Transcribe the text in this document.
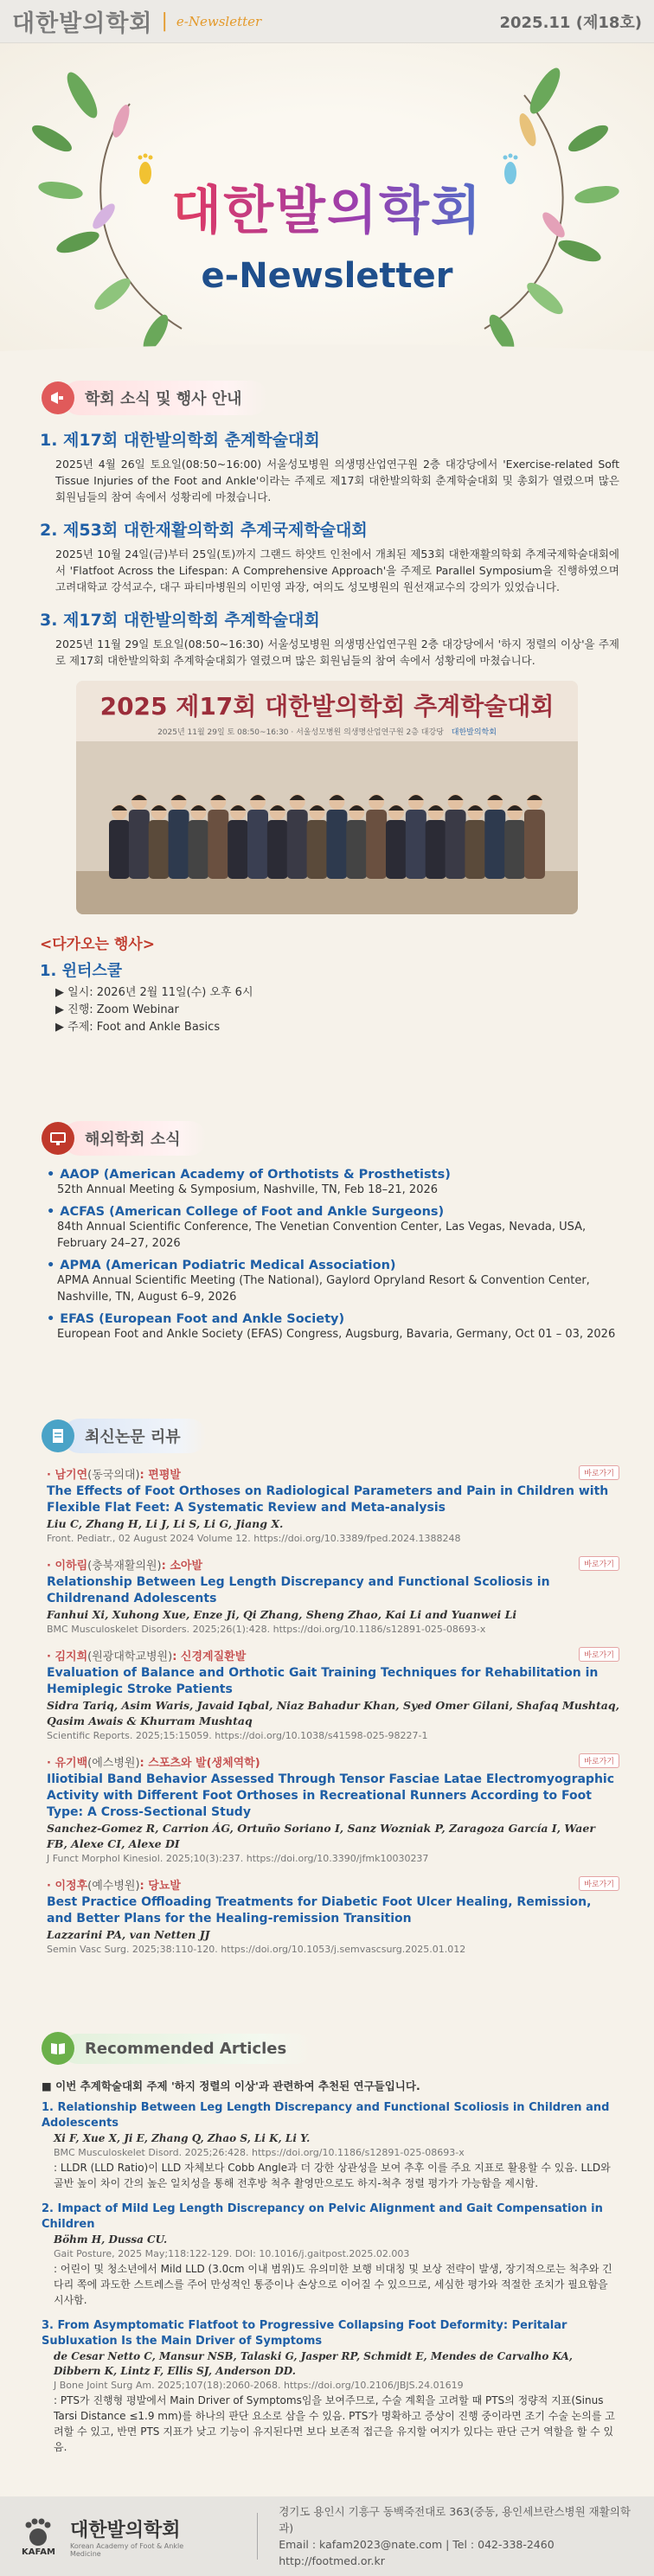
대한발의학회 | e-Newsletter	2025.11 (제18호)
대한발의학회
e-Newsletter
학회 소식 및 행사 안내
1. 제17회 대한발의학회 춘계학술대회

2025년 4월 26일 토요일(08:50~16:00) 서울성모병원 의생명산업연구원 2층 대강당에서 'Exercise-related Soft Tissue Injuries of the Foot and Ankle'이라는 주제로 제17회 대한발의학회 춘계학술대회 및 총회가 열렸으며 많은 회원님들의 참여 속에서 성황리에 마쳤습니다.

2. 제53회 대한재활의학회 추계국제학술대회

2025년 10월 24일(금)부터 25일(토)까지 그랜드 하얏트 인천에서 개최된 제53회 대한재활의학회 추계국제학술대회에서 'Flatfoot Across the Lifespan: A Comprehensive Approach'을 주제로 Parallel Symposium을 진행하였으며 고려대학교 강석교수, 대구 파티마병원의 이민영 과장, 여의도 성모병원의 원선재교수의 강의가 있었습니다.

3. 제17회 대한발의학회 추계학술대회

2025년 11월 29일 토요일(08:50~16:30) 서울성모병원 의생명산업연구원 2층 대강당에서 '하지 정렬의 이상'을 주제로 제17회 대한발의학회 추계학술대회가 열렸으며 많은 회원님들의 참여 속에서 성황리에 마쳤습니다.

2025 제17회 대한발의학회 추계학술대회
2025년 11월 29일 토 08:50~16:30 · 서울성모병원 의생명산업연구원 2층 대강당 대한발의학회
<다가오는 행사>
1. 윈터스쿨
▶ 일시: 2026년 2월 11일(수) 오후 6시
▶ 진행: Zoom Webinar
▶ 주제: Foot and Ankle Basics
해외학회 소식
• AAOP (American Academy of Orthotists & Prosthetists)
52th Annual Meeting & Symposium, Nashville, TN, Feb 18–21, 2026
• ACFAS (American College of Foot and Ankle Surgeons)
84th Annual Scientific Conference, The Venetian Convention Center, Las Vegas, Nevada, USA, February 24–27, 2026
• APMA (American Podiatric Medical Association)
APMA Annual Scientific Meeting (The National), Gaylord Opryland Resort & Convention Center, Nashville, TN, August 6–9, 2026
• EFAS (European Foot and Ankle Society)
European Foot and Ankle Society (EFAS) Congress, Augsburg, Bavaria, Germany, Oct 01 – 03, 2026
최신논문 리뷰
· 남기연(동국의대): 편평발	바로가기
The Effects of Foot Orthoses on Radiological Parameters and Pain in Children with Flexible Flat Feet: A Systematic Review and Meta-analysis
Liu C, Zhang H, Li J, Li S, Li G, Jiang X.
Front. Pediatr., 02 August 2024 Volume 12. https://doi.org/10.3389/fped.2024.1388248
· 이하림(충북재활의원): 소아발	바로가기
Relationship Between Leg Length Discrepancy and Functional Scoliosis in Childrenand Adolescents
Fanhui Xi, Xuhong Xue, Enze Ji, Qi Zhang, Sheng Zhao, Kai Li and Yuanwei Li
BMC Musculoskelet Disorders. 2025;26(1):428. https://doi.org/10.1186/s12891-025-08693-x
· 김지희(원광대학교병원): 신경계질환발	바로가기
Evaluation of Balance and Orthotic Gait Training Techniques for Rehabilitation in Hemiplegic Stroke Patients
Sidra Tariq, Asim Waris, Javaid Iqbal, Niaz Bahadur Khan, Syed Omer Gilani, Shafaq Mushtaq, Qasim Awais & Khurram Mushtaq
Scientific Reports. 2025;15:15059. https://doi.org/10.1038/s41598-025-98227-1
· 유기백(에스병원): 스포츠와 발(생체역학)	바로가기
Iliotibial Band Behavior Assessed Through Tensor Fasciae Latae Electromyographic Activity with Different Foot Orthoses in Recreational Runners According to Foot Type: A Cross-Sectional Study
Sanchez-Gomez R, Carrion ÁG, Ortuño Soriano I, Sanz Wozniak P, Zaragoza García I, Waer FB, Alexe CI, Alexe DI
J Funct Morphol Kinesiol. 2025;10(3):237. https://doi.org/10.3390/jfmk10030237
· 이정후(예수병원): 당뇨발	바로가기
Best Practice Offloading Treatments for Diabetic Foot Ulcer Healing, Remission, and Better Plans for the Healing-remission Transition
Lazzarini PA, van Netten JJ
Semin Vasc Surg. 2025;38:110-120. https://doi.org/10.1053/j.semvascsurg.2025.01.012
Recommended Articles
■ 이번 추계학술대회 주제 '하지 정렬의 이상'과 관련하여 추천된 연구들입니다.
1. Relationship Between Leg Length Discrepancy and Functional Scoliosis in Children and Adolescents
Xi F, Xue X, Ji E, Zhang Q, Zhao S, Li K, Li Y.
BMC Musculoskelet Disord. 2025;26:428. https://doi.org/10.1186/s12891-025-08693-x
: LLDR (LLD Ratio)이 LLD 자체보다 Cobb Angle과 더 강한 상관성을 보여 추후 이를 주요 지표로 활용할 수 있음. LLD와 골반 높이 차이 간의 높은 일치성을 통해 전후방 척추 촬영만으로도 하지-척추 정렬 평가가 가능함을 제시함.
2. Impact of Mild Leg Length Discrepancy on Pelvic Alignment and Gait Compensation in Children
Böhm H, Dussa CU.
Gait Posture, 2025 May;118:122-129. DOI: 10.1016/j.gaitpost.2025.02.003
: 어린이 및 청소년에서 Mild LLD (3.0cm 이내 범위)도 유의미한 보행 비대칭 및 보상 전략이 발생, 장기적으로는 척추와 긴 다리 쪽에 과도한 스트레스를 주어 만성적인 통증이나 손상으로 이어질 수 있으므로, 세심한 평가와 적절한 조치가 필요함을 시사함.
3. From Asymptomatic Flatfoot to Progressive Collapsing Foot Deformity: Peritalar Subluxation Is the Main Driver of Symptoms
de Cesar Netto C, Mansur NSB, Talaski G, Jasper RP, Schmidt E, Mendes de Carvalho KA, Dibbern K, Lintz F, Ellis SJ, Anderson DD.
J Bone Joint Surg Am. 2025;107(18):2060-2068. https://doi.org/10.2106/JBJS.24.01619
: PTS가 진행형 평발에서 Main Driver of Symptoms임을 보여주므로, 수술 계획을 고려할 때 PTS의 정량적 지표(Sinus Tarsi Distance ≤1.9 mm)를 하나의 판단 요소로 삼을 수 있음. PTS가 명확하고 증상이 진행 중이라면 조기 수술 논의를 고려할 수 있고, 반면 PTS 지표가 낮고 기능이 유지된다면 보다 보존적 접근을 유지할 여지가 있다는 판단 근거 역할을 할 수 있음.
KAFAM
대한발의학회
Korean Academy of Foot & Ankle Medicine
경기도 용인시 기흥구 동백죽전대로 363(중동, 용인세브란스병원 재활의학과)
Email : kafam2023@nate.com | Tel : 042-338-2460
http://footmed.or.kr
